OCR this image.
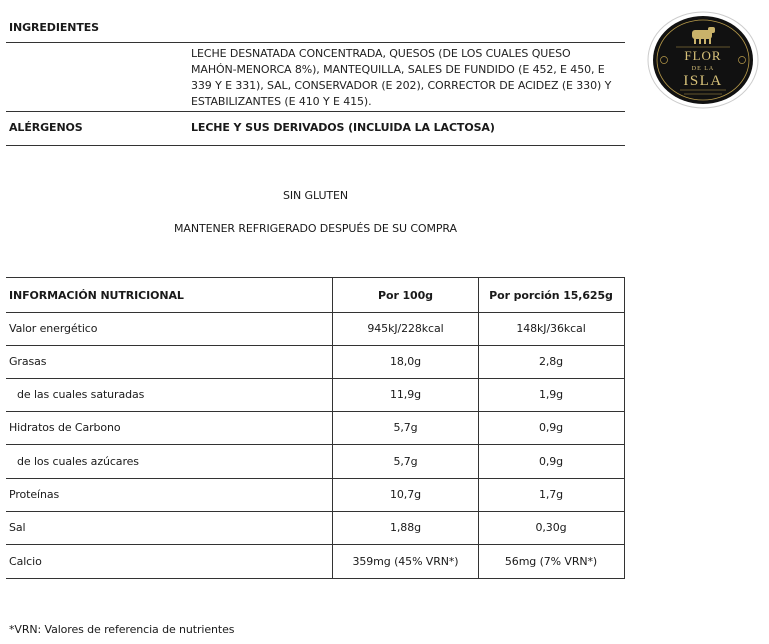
INGREDIENTES
LECHE DESNATADA CONCENTRADA, QUESOS (DE LOS CUALES QUESO
MAHÓN-MENORCA 8%), MANTEQUILLA, SALES DE FUNDIDO (E 452, E 450, E
339 Y E 331), SAL, CONSERVADOR (E 202), CORRECTOR DE ACIDEZ (E 330) Y
ESTABILIZANTES (E 410 Y E 415).
ALÉRGENOS	LECHE Y SUS DERIVADOS (INCLUIDA LA LACTOSA)
FLOR
DE LA
ISLA
SIN GLUTEN
MANTENER REFRIGERADO DESPUÉS DE SU COMPRA
INFORMACIÓN NUTRICIONAL	Por 100g	Por porción 15,625g
Valor energético	945kJ/228kcal	148kJ/36kcal
Grasas	18,0g	2,8g
de las cuales saturadas	11,9g	1,9g
Hidratos de Carbono	5,7g	0,9g
de los cuales azúcares	5,7g	0,9g
Proteínas	10,7g	1,7g
Sal	1,88g	0,30g
Calcio	359mg (45% VRN*)	56mg (7% VRN*)
*VRN: Valores de referencia de nutrientes
